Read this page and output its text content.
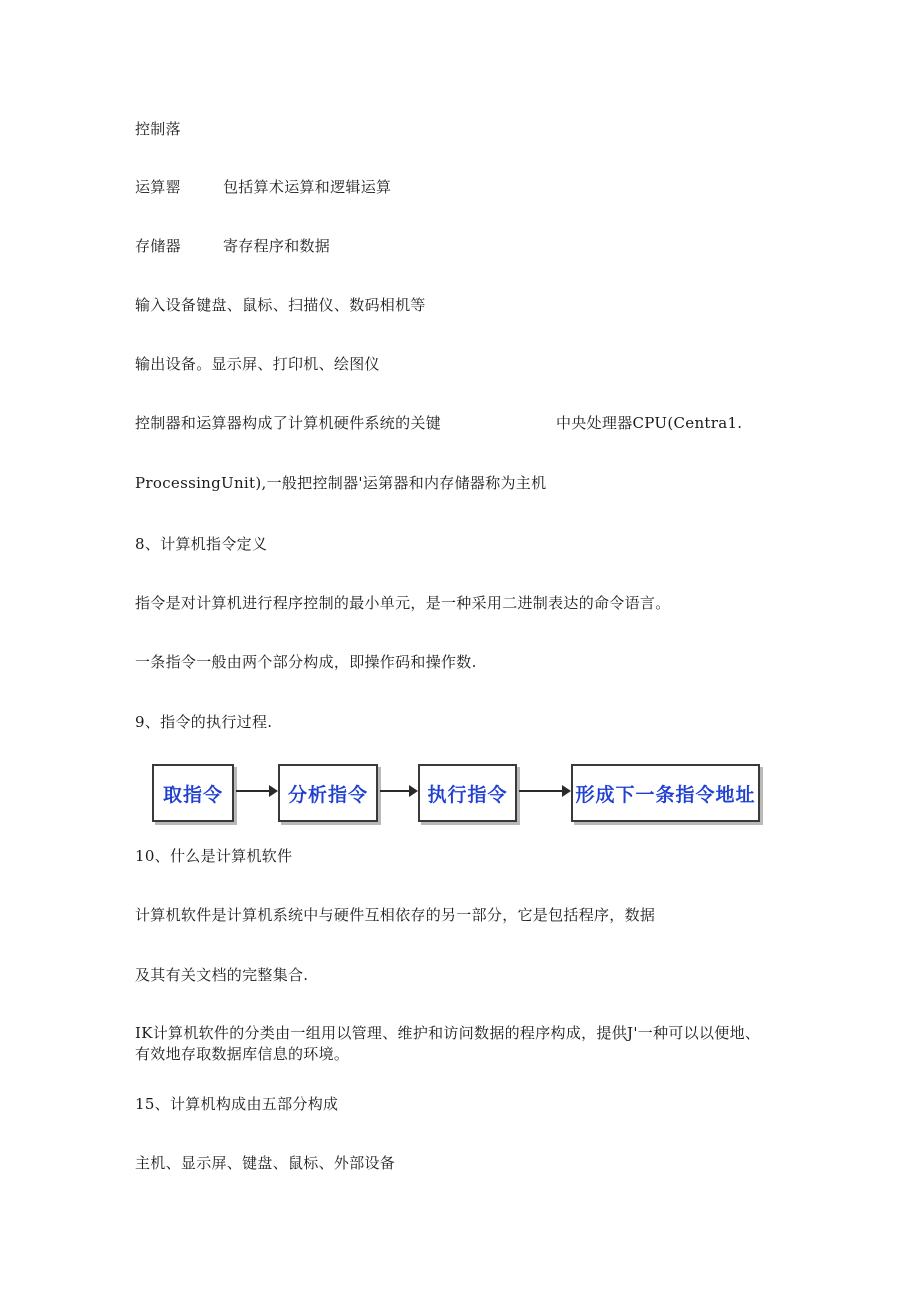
控制落
运算罂	包括算术运算和逻辑运算
存储器	寄存程序和数据
输入设备键盘、鼠标、扫描仪、数码相机等
输出设备。显示屏、打印机、绘图仪
控制器和运算器构成了计算机硬件系统的关键	中央处理器CPU(Centra1.
ProcessingUnit),一般把控制器'运第器和内存储器称为主机
8、计算机指令定义
指令是对计算机进行程序控制的最小单元，是一种采用二进制表达的命令语言。
一条指令一般由两个部分构成，即操作码和操作数.
9、指令的执行过程.
取指令	分析指令	执行指令	形成下一条指令地址
10、什么是计算机软件
计算机软件是计算机系统中与硬件互相依存的另一部分，它是包括程序，数据
及其有关文档的完整集合.
IK计算机软件的分类由一组用以管理、维护和访问数据的程序构成，提供J'一种可以以便地、
有效地存取数据库信息的环境。
15、计算机构成由五部分构成
主机、显示屏、键盘、鼠标、外部设备
